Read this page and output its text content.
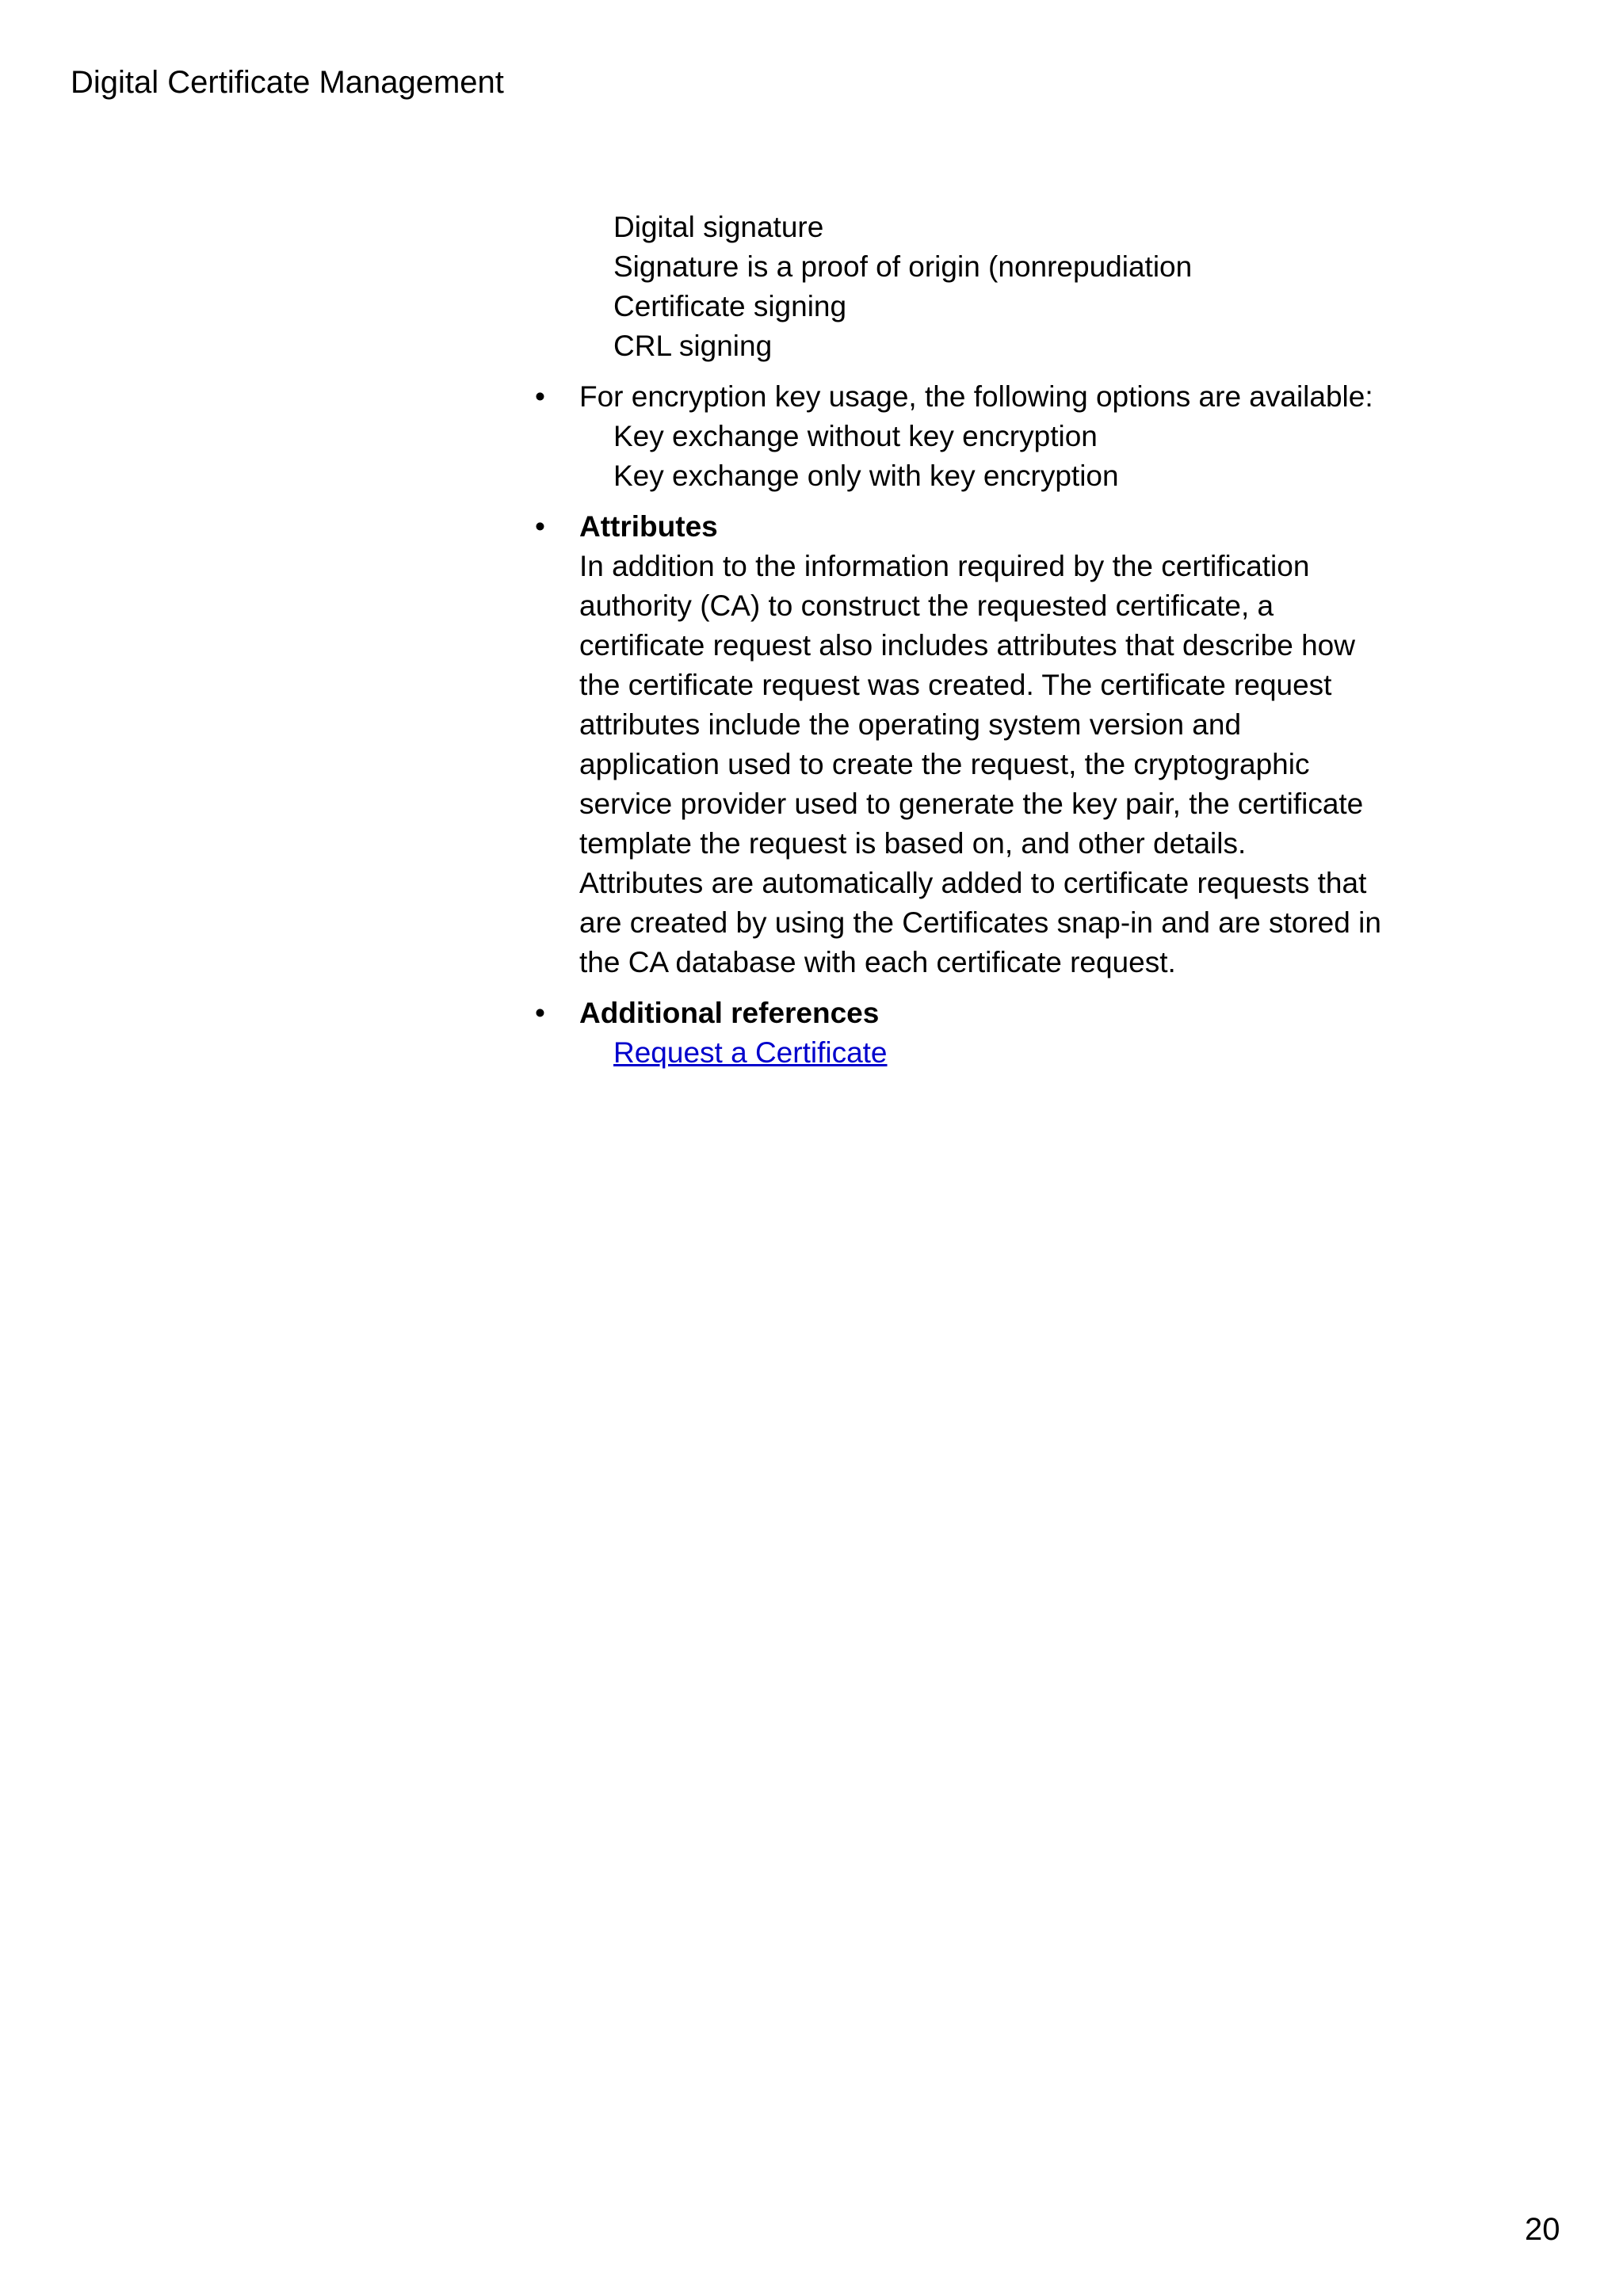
Digital Certificate Management
Digital signature
Signature is a proof of origin (nonrepudiation
Certificate signing
CRL signing
•	For encryption key usage, the following options are available:
Key exchange without key encryption
Key exchange only with key encryption
•	Attributes
In addition to the information required by the certification
authority (CA) to construct the requested certificate, a
certificate request also includes attributes that describe how
the certificate request was created. The certificate request
attributes include the operating system version and
application used to create the request, the cryptographic
service provider used to generate the key pair, the certificate
template the request is based on, and other details.
Attributes are automatically added to certificate requests that
are created by using the Certificates snap-in and are stored in
the CA database with each certificate request.
•	Additional references
Request a Certificate
20
